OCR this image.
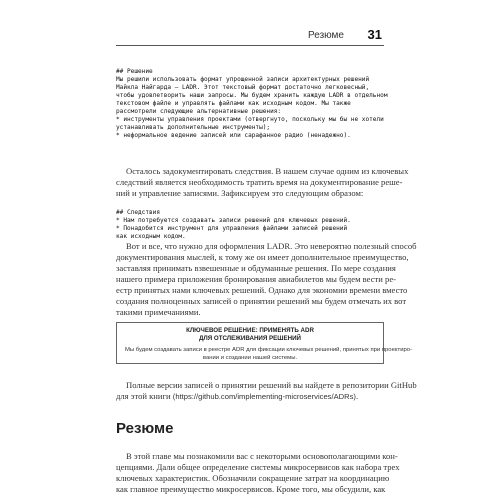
Резюме 31

## Решение
Мы решили использовать формат упрощенной записи архитектурных решений
Майкла Найгарда – LADR. Этот текстовый формат достаточно легковесный,
чтобы удовлетворить наши запросы. Мы будем хранить каждую LADR в отдельном
текстовом файле и управлять файлами как исходным кодом. Мы также
рассмотрели следующие альтернативные решения:
* инструменты управления проектами (отвергнуто, поскольку мы бы не хотели
устанавливать дополнительные инструменты);
* неформальное ведение записей или сарафанное радио (ненадежно).
Осталось задокументировать следствия. В нашем случае одним из ключевых
следствий является необходимость тратить время на документирование реше-
ний и управление записями. Зафиксируем это следующим образом:

## Следствия
* Нам потребуется создавать записи решений для ключевых решений.
* Понадобится инструмент для управления файлами записей решений
как исходным кодом.
Вот и все, что нужно для оформления LADR. Это невероятно полезный способ
документирования мыслей, к тому же он имеет дополнительное преимущество,
заставляя принимать взвешенные и обдуманные решения. По мере создания
нашего примера приложения бронирования авиабилетов мы будем вести ре-
естр принятых нами ключевых решений. Однако для экономии времени вместо
создания полноценных записей о принятии решений мы будем отмечать их вот
такими примечаниями.
КЛЮЧЕВОЕ РЕШЕНИЕ: ПРИМЕНЯТЬ ADR
ДЛЯ ОТСЛЕЖИВАНИЯ РЕШЕНИЙ
Мы будем создавать записи в реестре ADR для фиксации ключевых решений, принятых при проектиро-
вании и создании нашей системы.
Полные версии записей о принятии решений вы найдете в репозитории GitHub
для этой книги (https://github.com/implementing-microservices/ADRs).
Резюме
В этой главе мы познакомили вас с некоторыми основополагающими кон-
цепциями. Дали общее определение системы микросервисов как набора трех
ключевых характеристик. Обозначили сокращение затрат на координацию
как главное преимущество микросервисов. Кроме того, мы обсудили, как
